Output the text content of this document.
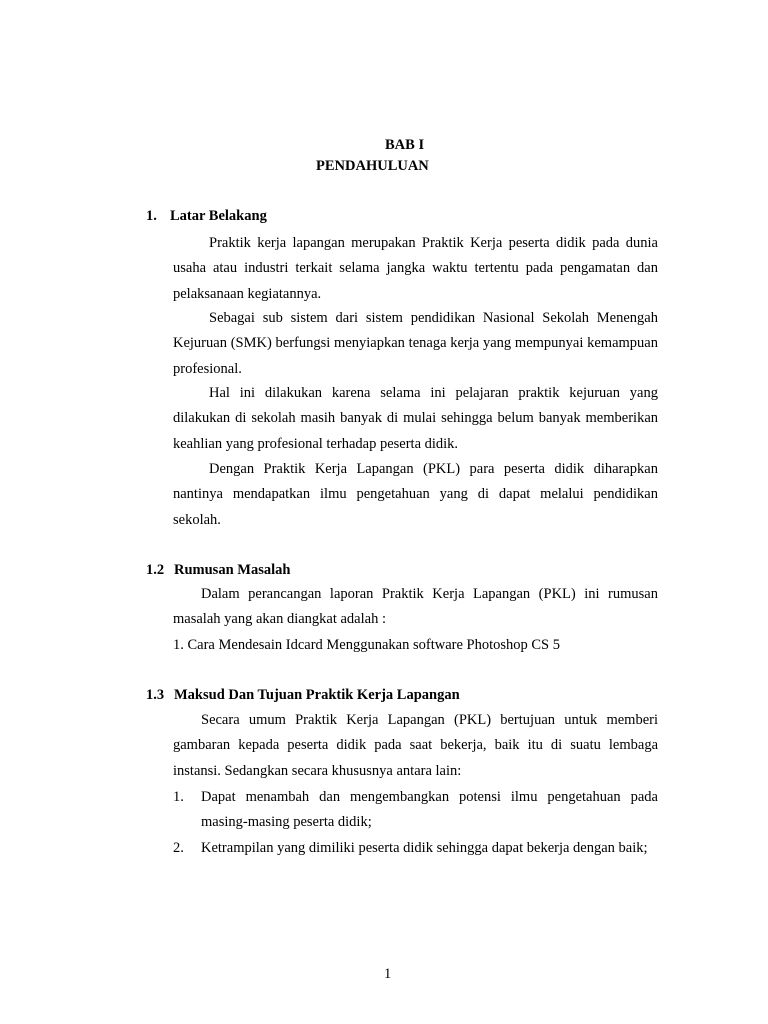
BAB I
PENDAHULUAN
1. Latar Belakang

Praktik kerja lapangan merupakan Praktik Kerja peserta didik pada dunia usaha atau industri terkait selama jangka waktu tertentu pada pengamatan dan pelaksanaan kegiatannya.

Sebagai sub sistem dari sistem pendidikan Nasional Sekolah Menengah Kejuruan (SMK) berfungsi menyiapkan tenaga kerja yang mempunyai kemampuan profesional.

Hal ini dilakukan karena selama ini pelajaran praktik kejuruan yang dilakukan di sekolah masih banyak di mulai sehingga belum banyak memberikan keahlian yang profesional terhadap peserta didik.

Dengan Praktik Kerja Lapangan (PKL) para peserta didik diharapkan nantinya mendapatkan ilmu pengetahuan yang di dapat melalui pendidikan sekolah.

1.2 Rumusan Masalah

Dalam perancangan laporan Praktik Kerja Lapangan (PKL) ini rumusan masalah yang akan diangkat adalah :

1. Cara Mendesain Idcard Menggunakan software Photoshop CS 5
1.3 Maksud Dan Tujuan Praktik Kerja Lapangan

Secara umum Praktik Kerja Lapangan (PKL) bertujuan untuk memberi gambaran kepada peserta didik pada saat bekerja, baik itu di suatu lembaga instansi. Sedangkan secara khususnya antara lain:

1. Dapat menambah dan mengembangkan potensi ilmu pengetahuan pada masing-masing peserta didik;
2. Ketrampilan yang dimiliki peserta didik sehingga dapat bekerja dengan baik;
1
